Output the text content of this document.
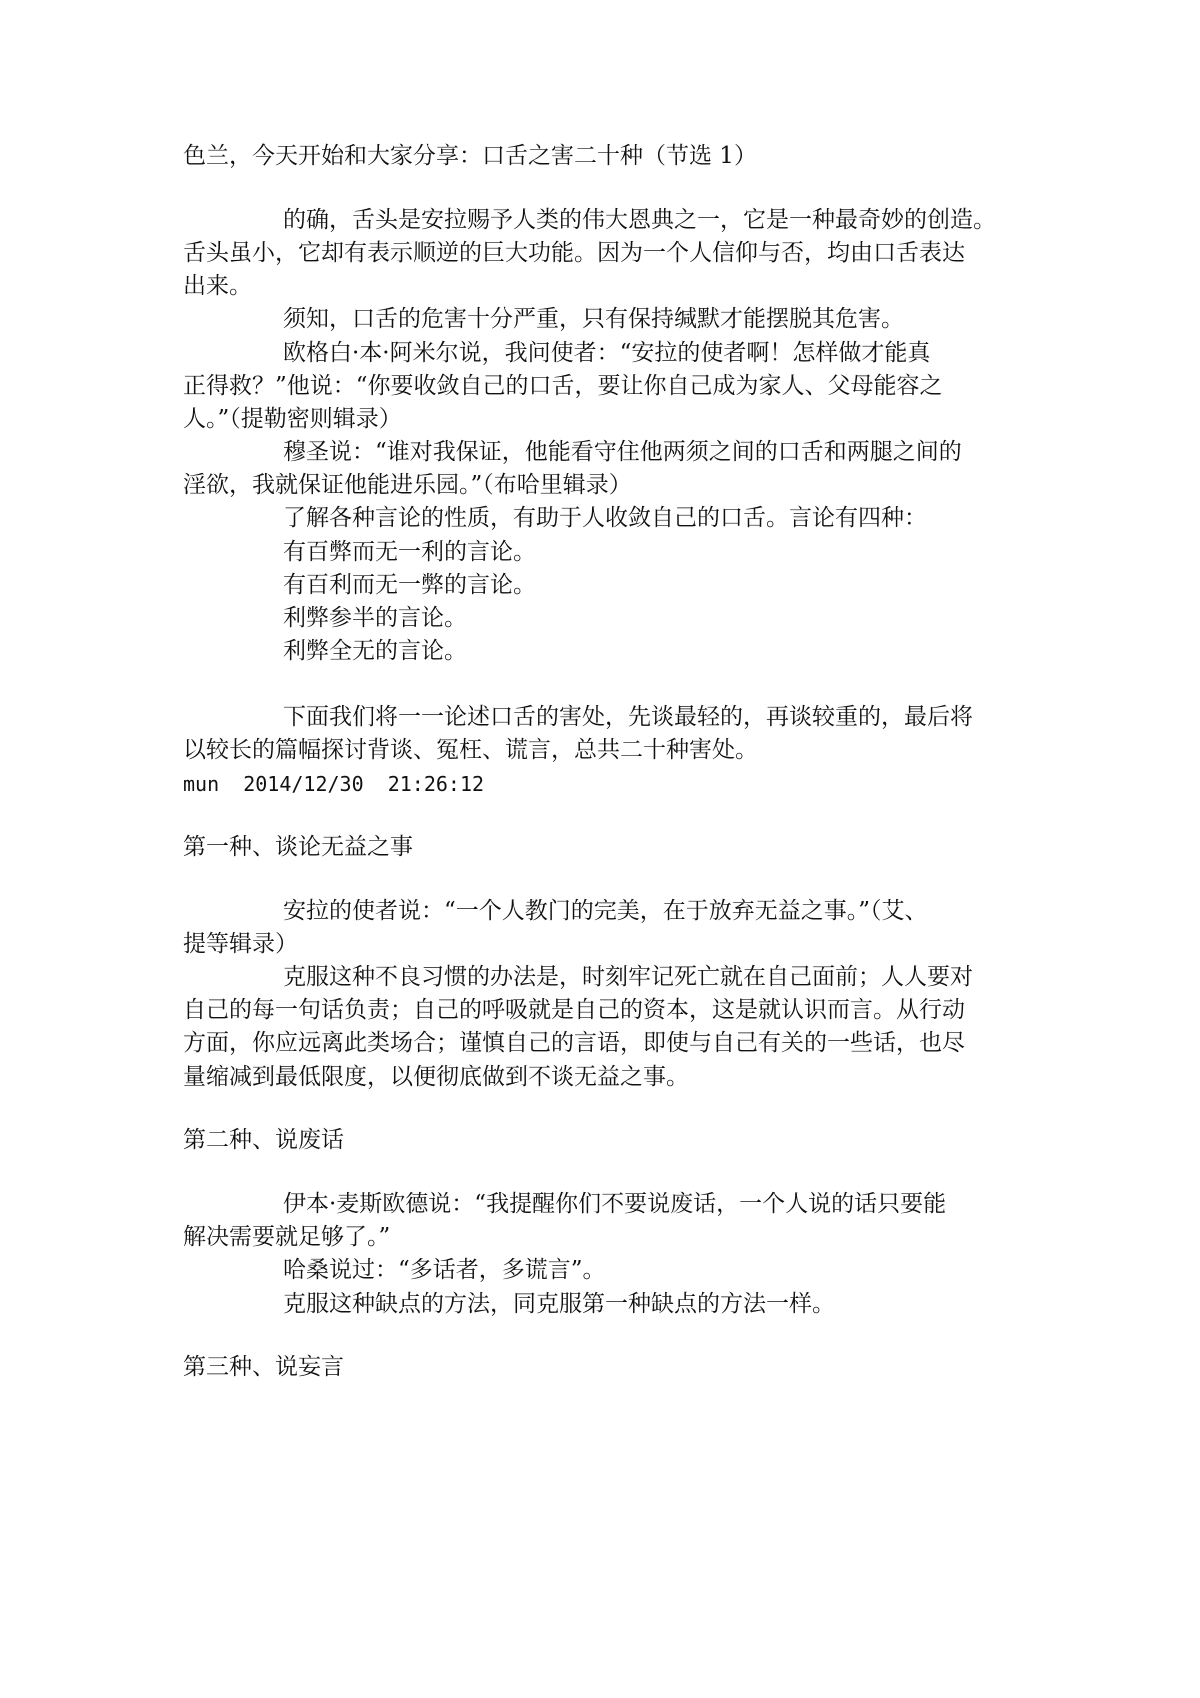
色兰，今天开始和大家分享：口舌之害二十种（节选 1）

的确，舌头是安拉赐予人类的伟大恩典之一，它是一种最奇妙的创造。

舌头虽小，它却有表示顺逆的巨大功能。因为一个人信仰与否，均由口舌表达

出来。

须知，口舌的危害十分严重，只有保持缄默才能摆脱其危害。

欧格白·本·阿米尔说，我问使者：“安拉的使者啊！怎样做才能真

正得救？”他说：“你要收敛自己的口舌，要让你自己成为家人、父母能容之

人。”（提勒密则辑录）

穆圣说：“谁对我保证，他能看守住他两须之间的口舌和两腿之间的

淫欲，我就保证他能进乐园。”（布哈里辑录）

了解各种言论的性质，有助于人收敛自己的口舌。言论有四种：

有百弊而无一利的言论。

有百利而无一弊的言论。

利弊参半的言论。

利弊全无的言论。

下面我们将一一论述口舌的害处，先谈最轻的，再谈较重的，最后将

以较长的篇幅探讨背谈、冤枉、谎言，总共二十种害处。

mun  2014/12/30  21:26:12

第一种、谈论无益之事

安拉的使者说：“一个人教门的完美，在于放弃无益之事。”（艾、

提等辑录）

克服这种不良习惯的办法是，时刻牢记死亡就在自己面前；人人要对

自己的每一句话负责；自己的呼吸就是自己的资本，这是就认识而言。从行动

方面，你应远离此类场合；谨慎自己的言语，即使与自己有关的一些话，也尽

量缩减到最低限度，以便彻底做到不谈无益之事。

第二种、说废话

伊本·麦斯欧德说：“我提醒你们不要说废话，一个人说的话只要能

解决需要就足够了。”

哈桑说过：“多话者，多谎言”。

克服这种缺点的方法，同克服第一种缺点的方法一样。

第三种、说妄言
